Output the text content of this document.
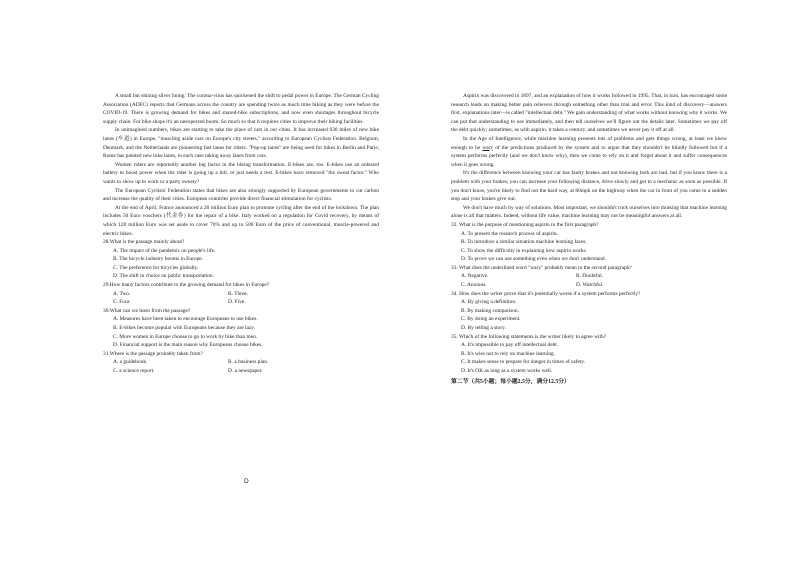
A small but shining silver lining: The corona-virus has quickened the shift to pedal power in Europe. The German Cycling Association (ADFC) reports that Germans across the country are spending twice as much time biking as they were before the COVID-19. There is growing demand for bikes and shared-bike subscriptions, and now even shortages throughout bicycle supply chain. For bike shops it's an unexpected boom. So much so that it requires cities to improve their biking facilities.

In unimagined numbers, bikes are starting to take the place of cars in our cities. It has increased 930 miles of new bike lanes (车道) in Europe, "muscling aside cars on Europe's city streets," according to European Cyclists Federation. Belgium, Denmark, and the Netherlands are pioneering fast lanes for riders. "Pop-up lanes" are being used for bikes in Berlin and Paris; Rome has painted new bike lanes, in each case taking away lanes from cars.

Women riders are reportedly another big factor in the biking transformation. E-bikes are, too. E-bikes use an onboard battery to boost power when the rider is going up a hill, or just needs a rest. E-bikes have removed "the sweat factor." Who wants to show up to work or a party sweaty?

The European Cyclists' Federation states that bikes are also strongly supported by European governments to cut carbon and increase the quality of their cities. European countries provide direct financial stimulation for cyclists.

At the end of April, France announced a 20 million Euro plan to promote cycling after the end of the lockdown. The plan includes 50 Euro vouchers (代金券) for the repair of a bike. Italy worked on a regulation for Covid recovery, by means of which 120 million Euro was set aside to cover 70% and up to 500 Euro of the price of conventional, muscle-powered and electric bikes.

28.What is the passage mainly about?

A. The impact of the pandemic on people's life.

B. The bicycle industry booms in Europe.

C. The preference for bicycles globally.

D. The shift in choice on public transportation.

29.How many factors contribute to the growing demand for bikes in Europe?

A. Two.	B. Three.
C. Four.	D. Five.

30.What can we learn from the passage?

A. Measures have been taken to encourage Europeans to use bikes.

B. E-bikes become popular with Europeans because they are lazy.

C. More women in Europe choose to go to work by bike than men.

D. Financial support is the main reason why Europeans choose bikes.

31.Where is the passage probably taken from?

A. a guidebook.	B. a business plan.
C. a science report.	D. a newspaper.
D

Aspirin was discovered in 1897, and an explanation of how it works followed in 1995. That, in turn, has encouraged some research leads on making better pain relievers through something other than trial and error. This kind of discovery—answers first, explanations later—is called "intellectual debt." We gain understanding of what works without knowing why it works. We can put that understanding to use immediately, and then tell ourselves we'll figure out the details later. Sometimes we pay off the debt quickly; sometimes, as with aspirin, it takes a century, and sometimes we never pay it off at all.

In the Age of Intelligence, while machine learning presents lots of problems and gets things wrong, at least we know enough to be wary of the predictions produced by the system and to argue that they shouldn't be blindly followed but if a system performs perfectly (and we don't know why), then we come to rely on it and forget about it and suffer consequences when it goes wrong.

It's the difference between knowing your car has faulty brakes and not knowing both are bad, but if you know there is a problem with your brakes, you can increase your following distance, drive slowly and get to a mechanic as soon as possible. If you don't know, you're likely to find out the hard way, at 80mph on the highway when the car in front of you come to a sudden stop and your brakes give out.

We don't have much by way of solutions. Most important, we shouldn't trick ourselves into thinking that machine learning alone is all that matters. Indeed, without life value, machine learning may not be meaningful answers at all.

32. What is the purpose of mentioning aspirin in the first paragraph?

A. To present the research process of aspirin.

B. To introduce a similar situation machine learning faces.

C. To show the difficulty in explaining how aspirin works.

D. To prove we can use something even when we don't understand.

33. What does the underlined word "wary" probably mean in the second paragraph?

A. Negative.	B. Doubtful.
C. Anxious.	D. Watchful.

34. How does the writer prove that it's potentially worse if a system performs perfectly?

A. By giving a definition.

B. By making comparison.

C. By doing an experiment.

D. By telling a story.

35. Which of the following statements is the writer likely to agree with?

A. It's impossible to pay off intellectual debt.

B. It's wise not to rely on machine learning.

C. It makes sense to prepare for danger in times of safety.

D. It's OK as long as a system works well.

第二节（共5小题；每小题2.5分，满分12.5分）
